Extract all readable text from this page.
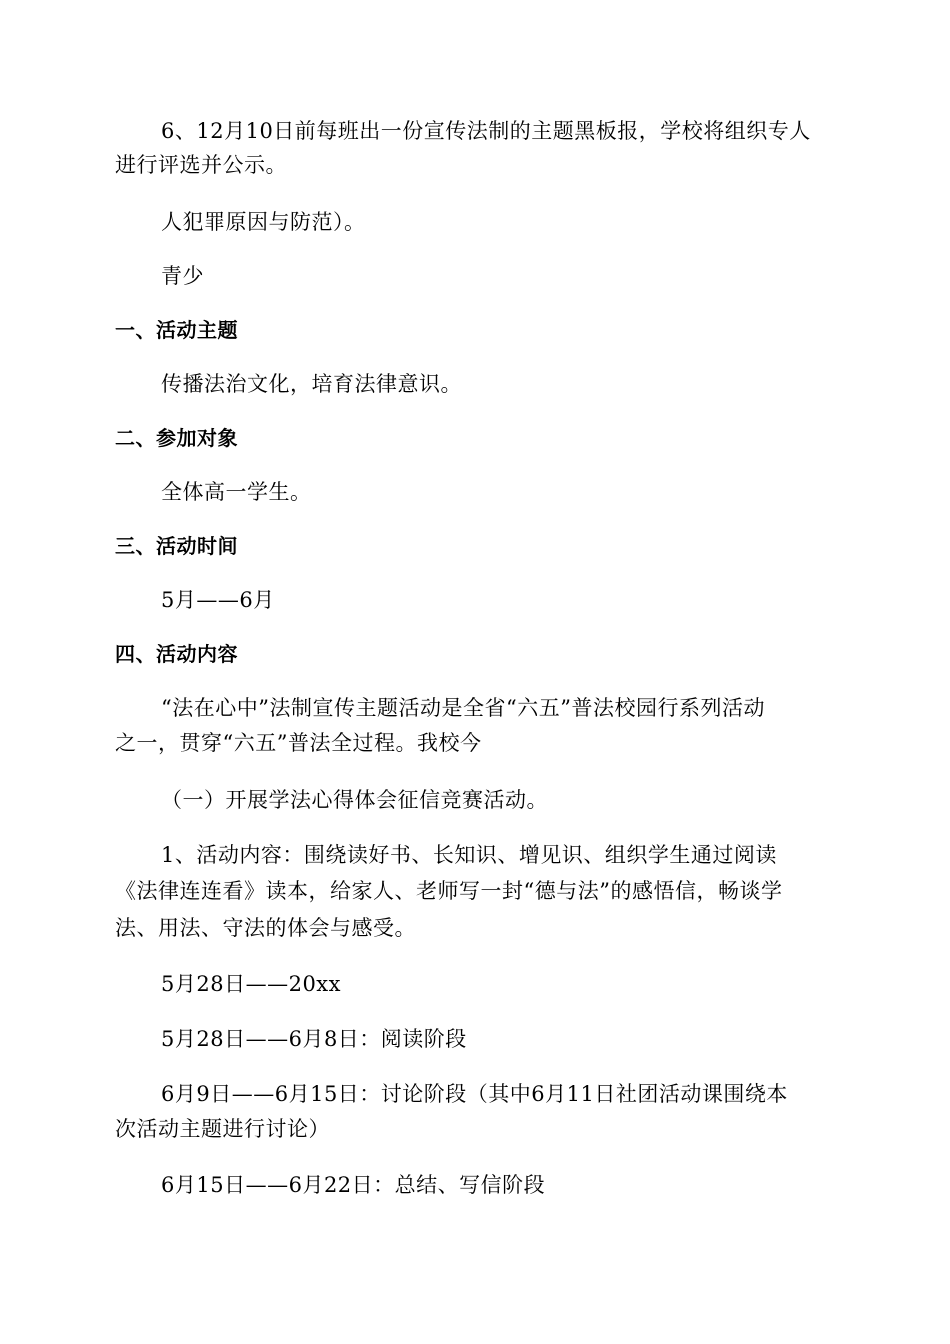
6、12月10日前每班出一份宣传法制的主题黑板报，学校将组织专人
进行评选并公示。
人犯罪原因与防范）。
青少
一、活动主题
传播法治文化，培育法律意识。
二、参加对象
全体高一学生。
三、活动时间
5月——6月
四、活动内容
“法在心中”法制宣传主题活动是全省“六五”普法校园行系列活动
之一，贯穿“六五”普法全过程。我校今
（一）开展学法心得体会征信竞赛活动。
1、活动内容：围绕读好书、长知识、增见识、组织学生通过阅读
《法律连连看》读本，给家人、老师写一封“德与法”的感悟信，畅谈学
法、用法、守法的体会与感受。
5月28日——20xx
5月28日——6月8日：阅读阶段
6月9日——6月15日：讨论阶段（其中6月11日社团活动课围绕本
次活动主题进行讨论）
6月15日——6月22日：总结、写信阶段
